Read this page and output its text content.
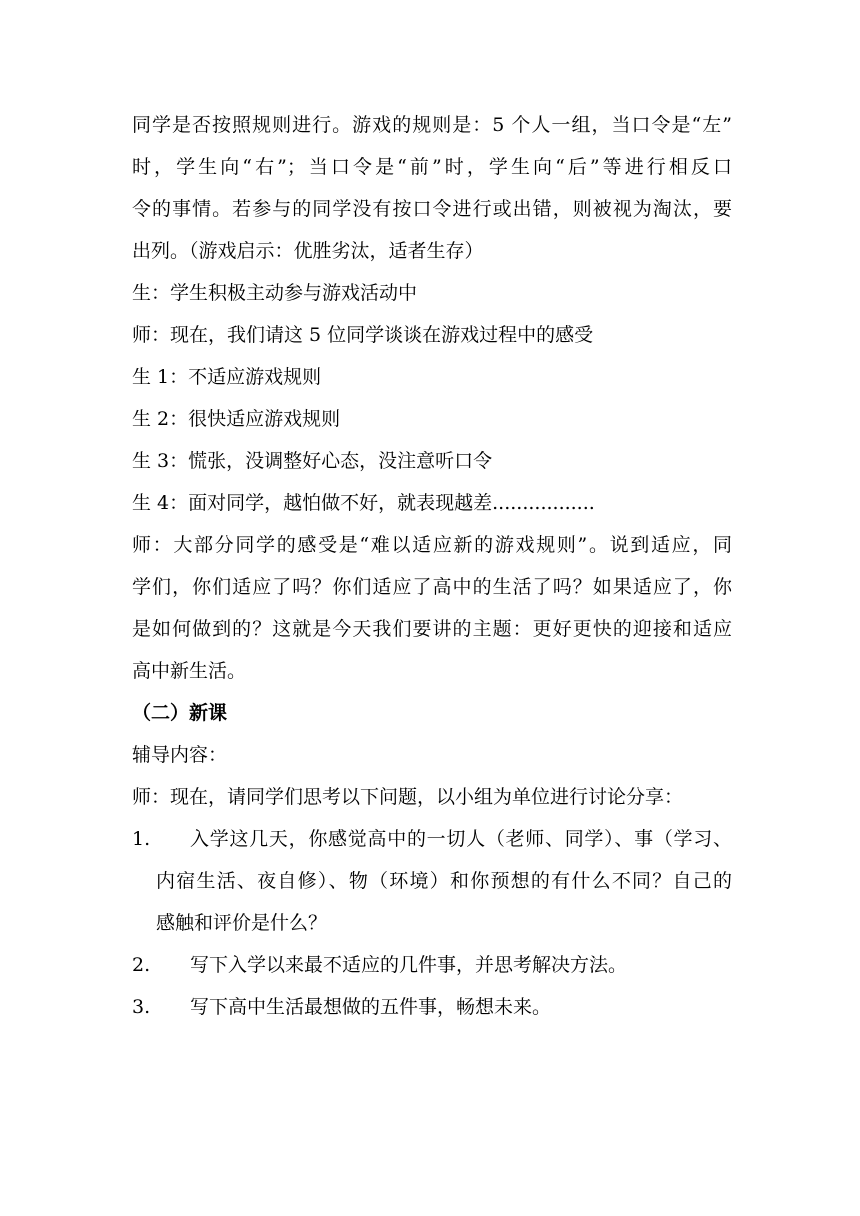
同学是否按照规则进行。游戏的规则是：5 个人一组，当口令是“左”
时，学生向“右”；当口令是“前”时，学生向“后”等进行相反口
令的事情。若参与的同学没有按口令进行或出错，则被视为淘汰，要
出列。（游戏启示：优胜劣汰，适者生存）
生：学生积极主动参与游戏活动中
师：现在，我们请这 5 位同学谈谈在游戏过程中的感受
生 1：不适应游戏规则
生 2：很快适应游戏规则
生 3：慌张，没调整好心态，没注意听口令
生 4：面对同学，越怕做不好，就表现越差.................
师：大部分同学的感受是“难以适应新的游戏规则”。说到适应，同
学们，你们适应了吗？你们适应了高中的生活了吗？如果适应了，你
是如何做到的？这就是今天我们要讲的主题：更好更快的迎接和适应
高中新生活。
（二）新课
辅导内容：
师：现在，请同学们思考以下问题，以小组为单位进行讨论分享：
1.	入学这几天，你感觉高中的一切人（老师、同学）、事（学习、
内宿生活、夜自修）、物（环境）和你预想的有什么不同？自己的
感触和评价是什么？
2.	写下入学以来最不适应的几件事，并思考解决方法。
3.	写下高中生活最想做的五件事，畅想未来。
